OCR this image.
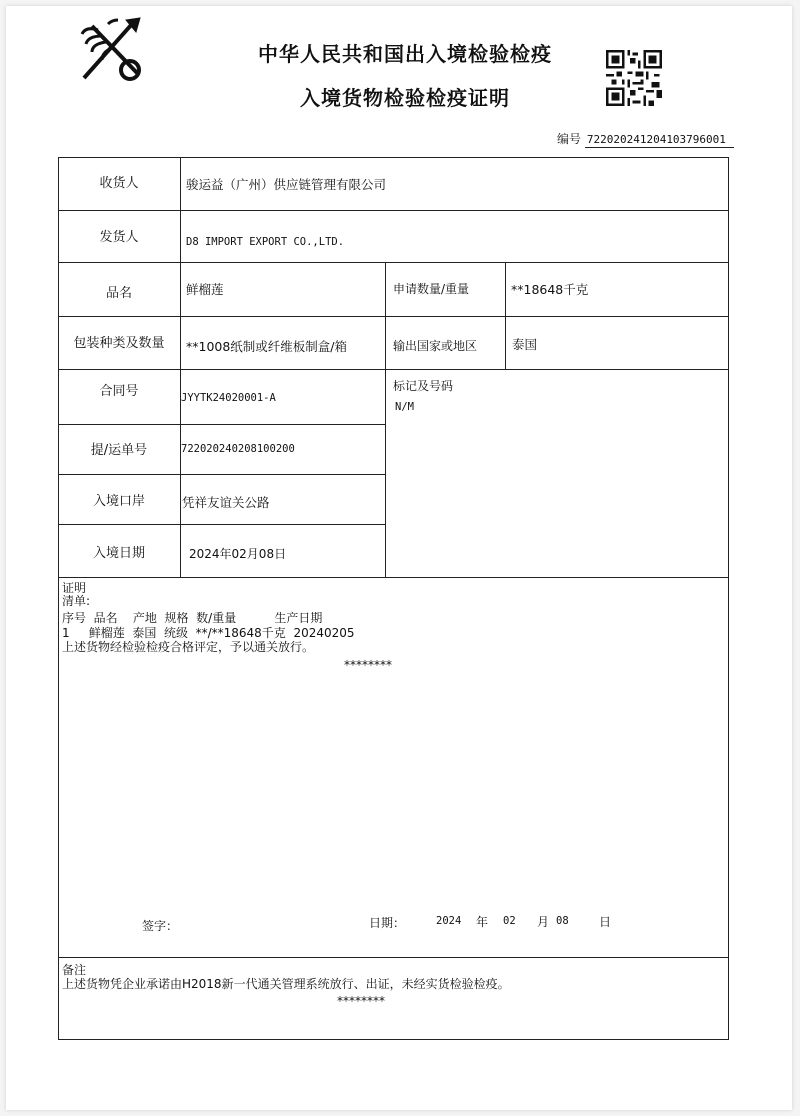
中华人民共和国出入境检验检疫
入境货物检验检疫证明
编号 722020241204103796001
收货人	骏运益（广州）供应链管理有限公司
发货人	D8 IMPORT EXPORT CO.,LTD.
品名	鲜榴莲	申请数量/重量	**18648千克
包装种类及数量	**1008纸制或纤维板制盒/箱	输出国家或地区	泰国
合同号	JYYTK24020001-A
标记及号码
N/M
提/运单号	722020240208100200
入境口岸	凭祥友谊关公路
入境日期	2024年02月08日
证明
清单:
序号  品名    产地  规格  数/重量          生产日期
1     鲜榴莲  泰国  统级  **/**18648千克  20240205
上述货物经检验检疫合格评定，予以通关放行。
********
签字：	日期：	2024 年 02 月 08	日
备注
上述货物凭企业承诺由H2018新一代通关管理系统放行、出证，未经实货检验检疫。
********
